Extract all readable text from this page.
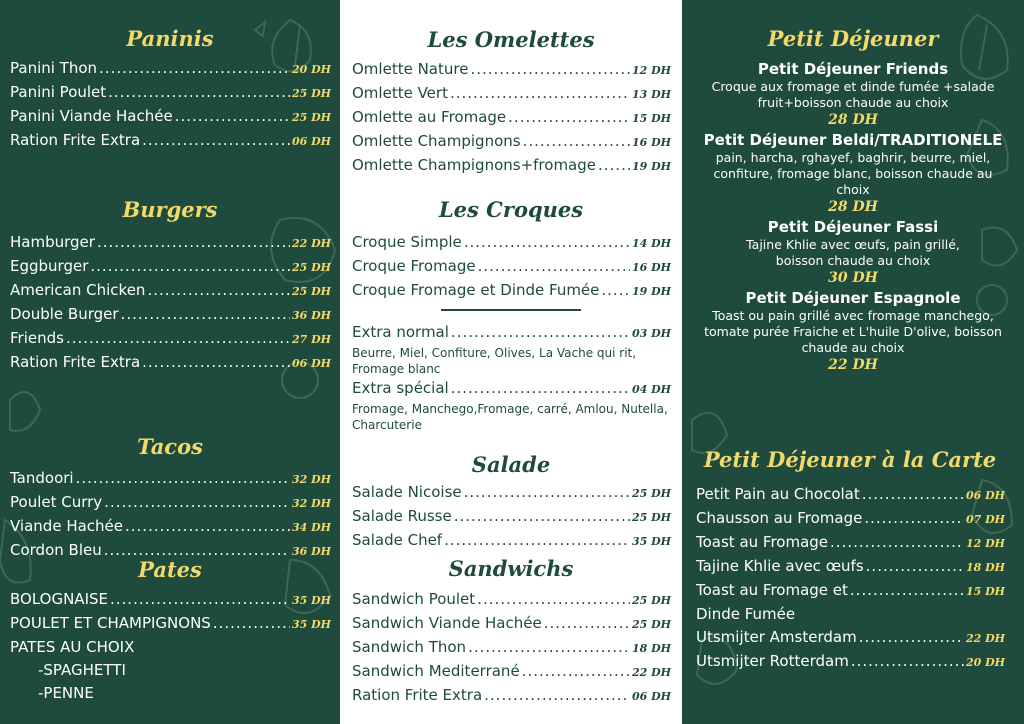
Paninis
Panini Thon .....	20 DH
Panini Poulet .....	25 DH
Panini Viande Hachée .....	25 DH
Ration Frite Extra .....	06 DH
Burgers
Hamburger .....	22 DH
Eggburger .....	25 DH
American Chicken .....	25 DH
Double Burger .....	36 DH
Friends .....	27 DH
Ration Frite Extra .....	06 DH
Tacos
Tandoori .....	32 DH
Poulet Curry .....	32 DH
Viande Hachée .....	34 DH
Cordon Bleu .....	36 DH
Pates
BOLOGNAISE .....	35 DH
POULET ET CHAMPIGNONS .....	35 DH
PATES AU CHOIX
-SPAGHETTI
-PENNE
Les Omelettes
Omlette Nature .....	12 DH
Omlette Vert .....	13 DH
Omlette au Fromage .....	15 DH
Omlette Champignons .....	16 DH
Omlette Champignons+fromage .....	19 DH
Les Croques
Croque Simple .....	14 DH
Croque Fromage .....	16 DH
Croque Fromage et Dinde Fumée .....	19 DH
Extra normal .....	03 DH
Beurre, Miel, Confiture, Olives, La Vache qui rit, Fromage blanc
Extra spécial .....	04 DH
Fromage, Manchego,Fromage, carré, Amlou, Nutella, Charcuterie
Salade
Salade Nicoise .....	25 DH
Salade Russe .....	25 DH
Salade Chef .....	35 DH
Sandwichs
Sandwich Poulet .....	25 DH
Sandwich Viande Hachée .....	25 DH
Sandwich Thon .....	18 DH
Sandwich Mediterrané .....	22 DH
Ration Frite Extra .....	06 DH
Petit Déjeuner
Petit Déjeuner Friends
Croque aux fromage et dinde fumée +salade fruit+boisson chaude au choix
28 DH
Petit Déjeuner Beldi/TRADITIONELE
pain, harcha, rghayef, baghrir, beurre, miel, confiture, fromage blanc, boisson chaude au choix
28 DH
Petit Déjeuner Fassi
Tajine Khlie avec œufs, pain grillé, boisson chaude au choix
30 DH
Petit Déjeuner Espagnole
Toast ou pain grillé avec fromage manchego, tomate purée Fraiche et L'huile D'olive, boisson chaude au choix
22 DH
Petit Déjeuner à la Carte
Petit Pain au Chocolat .....	06 DH
Chausson au Fromage .....	07 DH
Toast au Fromage .....	12 DH
Tajine Khlie avec œufs .....	18 DH
Toast au Fromage et .....	15 DH
Dinde Fumée
Utsmijter Amsterdam .....	22 DH
Utsmijter Rotterdam .....	20 DH
